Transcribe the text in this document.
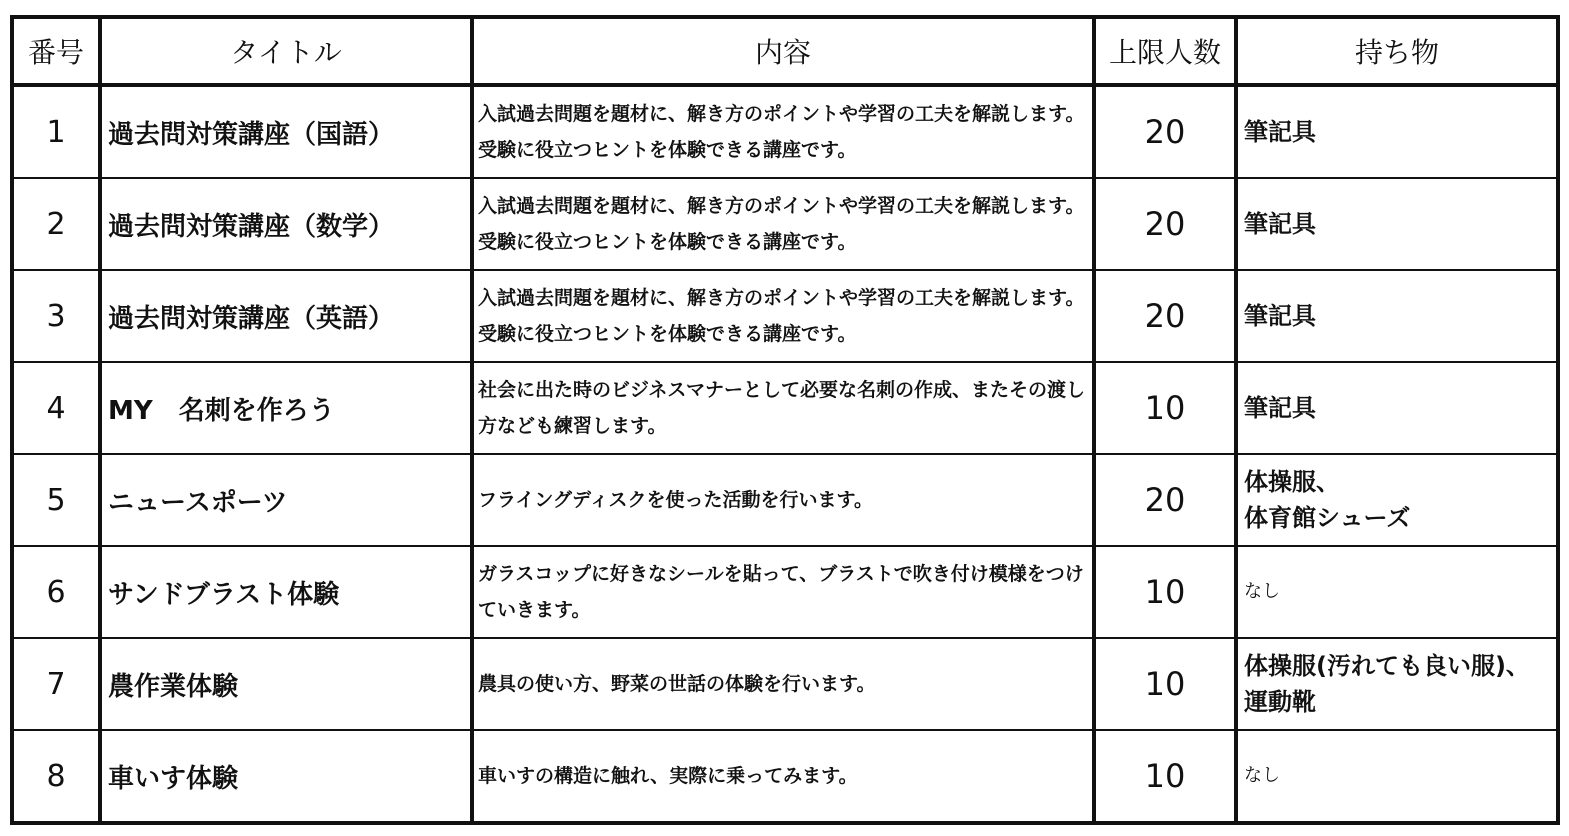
番号	タイトル	内容	上限人数	持ち物
1	過去問対策講座（国語）	入試過去問題を題材に、解き方のポイントや学習の工夫を解説します。受験に役立つヒントを体験できる講座です。	20	筆記具
2	過去問対策講座（数学）	入試過去問題を題材に、解き方のポイントや学習の工夫を解説します。受験に役立つヒントを体験できる講座です。	20	筆記具
3	過去問対策講座（英語）	入試過去問題を題材に、解き方のポイントや学習の工夫を解説します。受験に役立つヒントを体験できる講座です。	20	筆記具
4	MY　名刺を作ろう	社会に出た時のビジネスマナーとして必要な名刺の作成、またその渡し方なども練習します。	10	筆記具
5	ニュースポーツ	フライングディスクを使った活動を行います。	20	体操服、
体育館シューズ

6	サンドブラスト体験	ガラスコップに好きなシールを貼って、ブラストで吹き付け模様をつけていきます。	10	なし
7	農作業体験	農具の使い方、野菜の世話の体験を行います。	10	体操服(汚れても良い服)、
運動靴

8	車いす体験	車いすの構造に触れ、実際に乗ってみます。	10	なし
